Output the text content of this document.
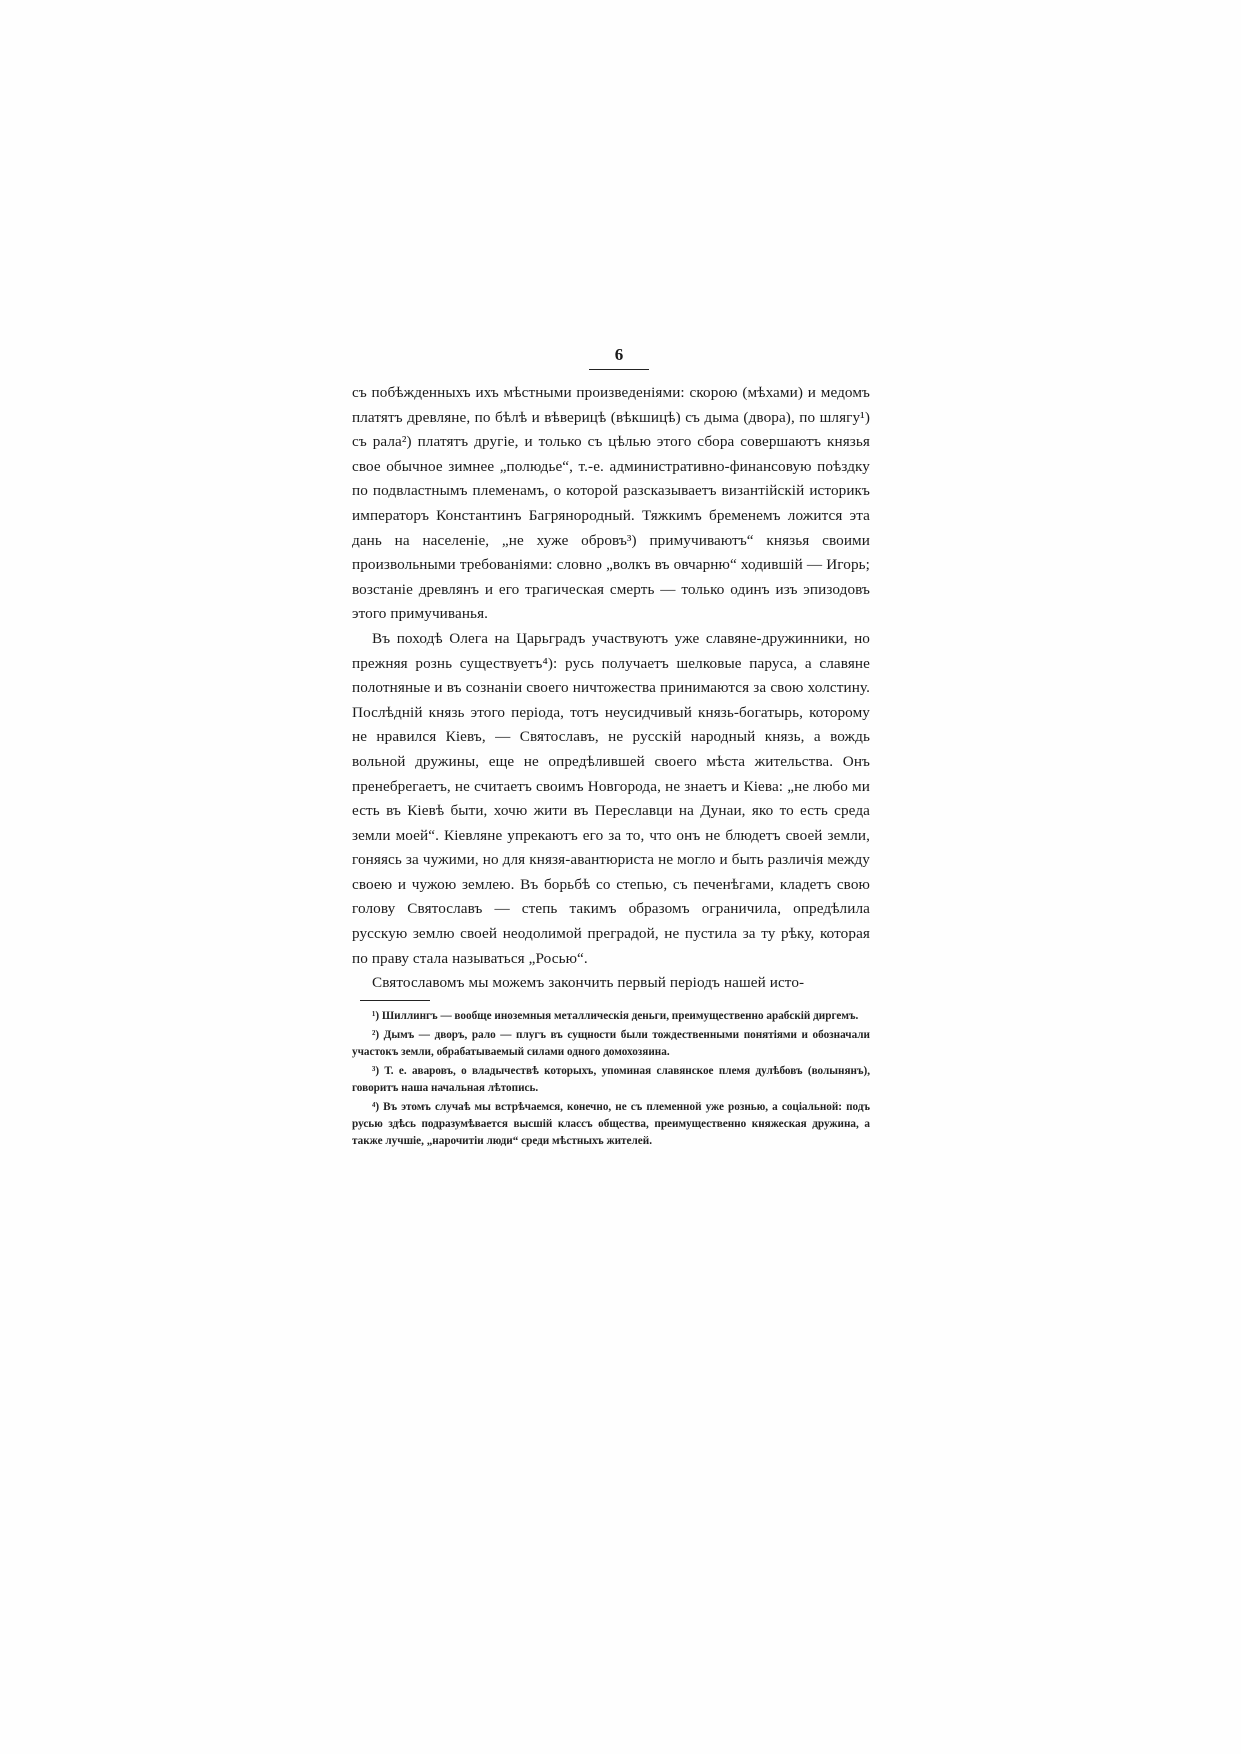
6

съ побѣжденныхъ ихъ мѣстными произведеніями: скорою (мѣхами) и медомъ платятъ древляне, по бѣлѣ и вѣверицѣ (вѣкшицѣ) съ дыма (двора), по шлягу¹) съ рала²) платятъ другіе, и только съ цѣлью этого сбора совершаютъ князья свое обычное зимнее „полюдье“, т.-е. административно-финансовую поѣздку по подвластнымъ племенамъ, о которой разсказываетъ византійскій историкъ императоръ Константинъ Багрянородный. Тяжкимъ бременемъ ложится эта дань на населеніе, „не хуже обровъ³) примучиваютъ“ князья своими произвольными требованіями: словно „волкъ въ овчарню“ ходившій — Игорь; возстаніе древлянъ и его трагическая смерть — только одинъ изъ эпизодовъ этого примучиванья.

Въ походѣ Олега на Царьградъ участвуютъ уже славяне-дружинники, но прежняя рознь существуетъ⁴): русь получаетъ шелковые паруса, а славяне полотняные и въ сознаніи своего ничтожества принимаются за свою холстину. Послѣдній князь этого періода, тотъ неусидчивый князь-богатырь, которому не нравился Кіевъ, — Святославъ, не русскій народный князь, а вождь вольной дружины, еще не опредѣлившей своего мѣста жительства. Онъ пренебрегаетъ, не считаетъ своимъ Новгорода, не знаетъ и Кіева: „не любо ми есть въ Кіевѣ быти, хочю жити въ Переславци на Дунаи, яко то есть среда земли моей“. Кіевляне упрекаютъ его за то, что онъ не блюдетъ своей земли, гоняясь за чужими, но для князя-авантюриста не могло и быть различія между своею и чужою землею. Въ борьбѣ со степью, съ печенѣгами, кладетъ свою голову Святославъ — степь такимъ образомъ ограничила, опредѣлила русскую землю своей неодолимой преградой, не пустила за ту рѣку, которая по праву стала называться „Росью“.

Святославомъ мы можемъ закончить первый періодъ нашей исто-

¹) Шиллингъ — вообще иноземныя металлическія деньги, преимущественно арабскій диргемъ.

²) Дымъ — дворъ, рало — плугъ въ сущности были тождественными понятіями и обозначали участокъ земли, обрабатываемый силами одного домохозяина.

³) Т. е. аваровъ, о владычествѣ которыхъ, упоминая славянское племя дулѣбовъ (волынянъ), говоритъ наша начальная лѣтопись.

⁴) Въ этомъ случаѣ мы встрѣчаемся, конечно, не съ племенной уже рознью, а соціальной: подъ русью здѣсь подразумѣвается высшій классъ общества, преимущественно княжеская дружина, а также лучшіе, „нарочитіи люди“ среди мѣстныхъ жителей.
